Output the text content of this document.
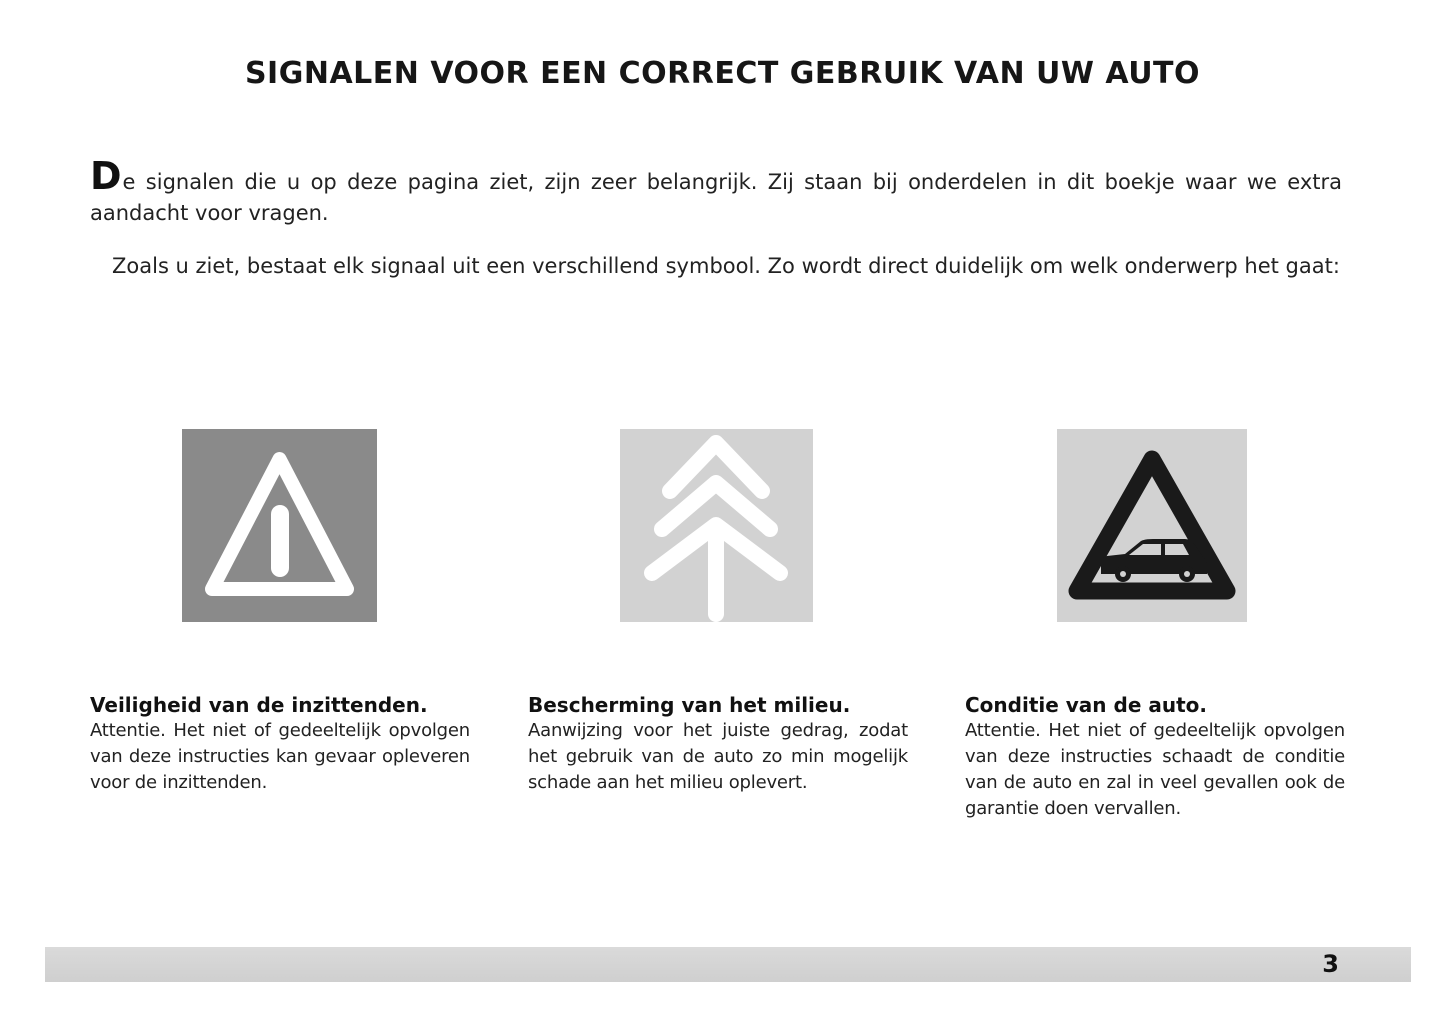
SIGNALEN VOOR EEN CORRECT GEBRUIK VAN UW AUTO

De signalen die u op deze pagina ziet, zijn zeer belangrijk. Zij staan bij onderdelen in dit boekje waar we extra aandacht voor vragen.

Zoals u ziet, bestaat elk signaal uit een verschillend symbool. Zo wordt direct duidelijk om welk onderwerp het gaat:

Veiligheid van de inzittenden.

Attentie. Het niet of gedeeltelijk opvolgen van deze instructies kan gevaar opleveren voor de inzittenden.

Bescherming van het milieu.

Aanwijzing voor het juiste gedrag, zodat het gebruik van de auto zo min mogelijk schade aan het milieu oplevert.

Conditie van de auto.

Attentie. Het niet of gedeeltelijk opvolgen van deze instructies schaadt de conditie van de auto en zal in veel gevallen ook de garantie doen vervallen.

3
